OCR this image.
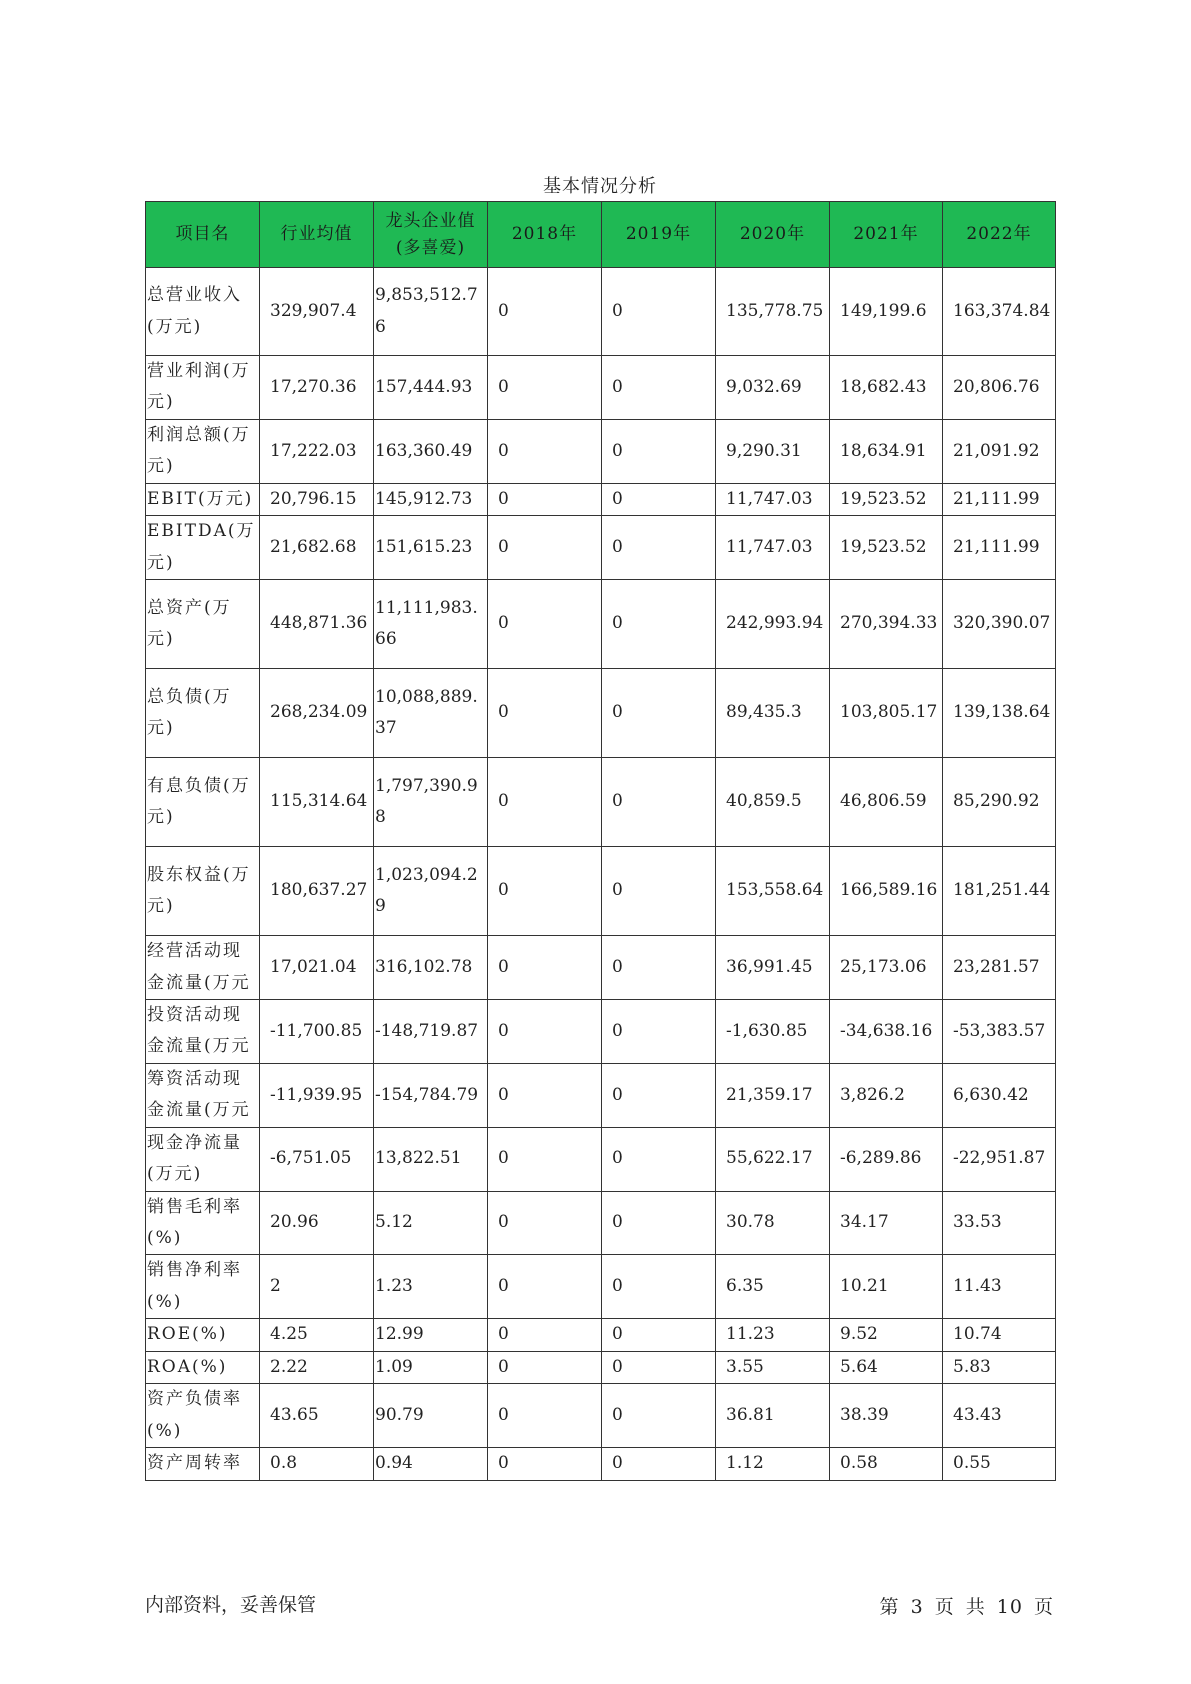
基本情况分析
项目名	行业均值	龙头企业值(多喜爱)	2018年	2019年	2020年	2021年	2022年
总营业收入(万元)	329,907.4	9,853,512.76	0	0	135,778.75	149,199.6	163,374.84
营业利润(万元)	17,270.36	157,444.93	0	0	9,032.69	18,682.43	20,806.76
利润总额(万元)	17,222.03	163,360.49	0	0	9,290.31	18,634.91	21,091.92
EBIT(万元)	20,796.15	145,912.73	0	0	11,747.03	19,523.52	21,111.99
EBITDA(万元)	21,682.68	151,615.23	0	0	11,747.03	19,523.52	21,111.99
总资产(万元)	448,871.36	11,111,983.66	0	0	242,993.94	270,394.33	320,390.07
总负债(万元)	268,234.09	10,088,889.37	0	0	89,435.3	103,805.17	139,138.64
有息负债(万元)	115,314.64	1,797,390.98	0	0	40,859.5	46,806.59	85,290.92
股东权益(万元)	180,637.27	1,023,094.29	0	0	153,558.64	166,589.16	181,251.44
经营活动现金流量(万元	17,021.04	316,102.78	0	0	36,991.45	25,173.06	23,281.57
投资活动现金流量(万元	-11,700.85	-148,719.87	0	0	-1,630.85	-34,638.16	-53,383.57
筹资活动现金流量(万元	-11,939.95	-154,784.79	0	0	21,359.17	3,826.2	6,630.42
现金净流量(万元)	-6,751.05	13,822.51	0	0	55,622.17	-6,289.86	-22,951.87
销售毛利率(%)	20.96	5.12	0	0	30.78	34.17	33.53
销售净利率(%)	2	1.23	0	0	6.35	10.21	11.43
ROE(%)	4.25	12.99	0	0	11.23	9.52	10.74
ROA(%)	2.22	1.09	0	0	3.55	5.64	5.83
资产负债率(%)	43.65	90.79	0	0	36.81	38.39	43.43
资产周转率	0.8	0.94	0	0	1.12	0.58	0.55
内部资料，妥善保管	第 3 页 共 10 页
